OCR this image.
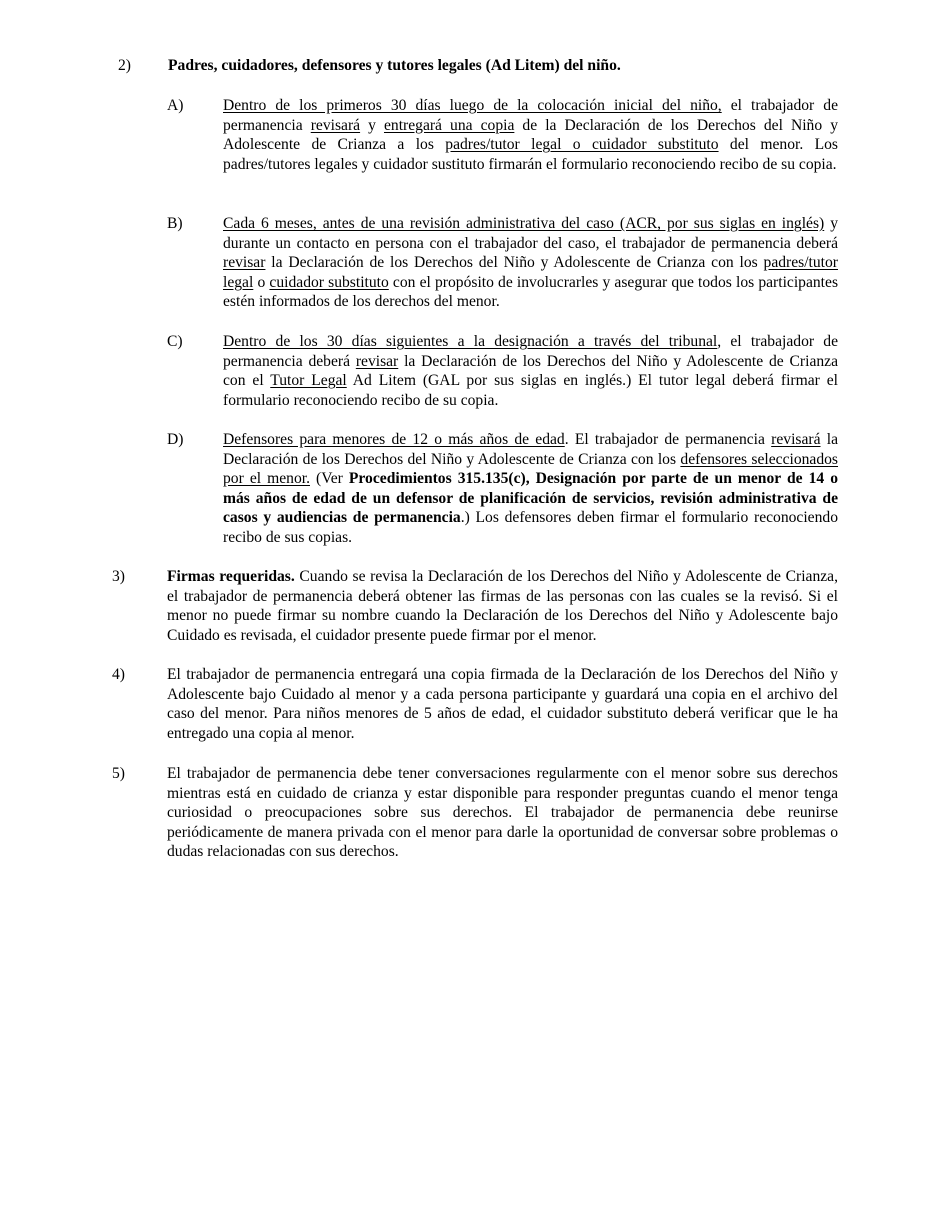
2) Padres, cuidadores, defensores y tutores legales (Ad Litem) del niño.
A)	Dentro de los primeros 30 días luego de la colocación inicial del niño, el trabajador de permanencia revisará y entregará una copia de la Declaración de los Derechos del Niño y Adolescente de Crianza a los padres/tutor legal o cuidador substituto del menor. Los padres/tutores legales y cuidador sustituto firmarán el formulario reconociendo recibo de su copia.
B)	Cada 6 meses, antes de una revisión administrativa del caso (ACR, por sus siglas en inglés) y durante un contacto en persona con el trabajador del caso, el trabajador de permanencia deberá revisar la Declaración de los Derechos del Niño y Adolescente de Crianza con los padres/tutor legal o cuidador substituto con el propósito de involucrarles y asegurar que todos los participantes estén informados de los derechos del menor.
C)	Dentro de los 30 días siguientes a la designación a través del tribunal, el trabajador de permanencia deberá revisar la Declaración de los Derechos del Niño y Adolescente de Crianza con el Tutor Legal Ad Litem (GAL por sus siglas en inglés.) El tutor legal deberá firmar el formulario reconociendo recibo de su copia.
D)	Defensores para menores de 12 o más años de edad. El trabajador de permanencia revisará la Declaración de los Derechos del Niño y Adolescente de Crianza con los defensores seleccionados por el menor. (Ver Procedimientos 315.135(c), Designación por parte de un menor de 14 o más años de edad de un defensor de planificación de servicios, revisión administrativa de casos y audiencias de permanencia.) Los defensores deben firmar el formulario reconociendo recibo de sus copias.
3)	Firmas requeridas. Cuando se revisa la Declaración de los Derechos del Niño y Adolescente de Crianza, el trabajador de permanencia deberá obtener las firmas de las personas con las cuales se la revisó. Si el menor no puede firmar su nombre cuando la Declaración de los Derechos del Niño y Adolescente bajo Cuidado es revisada, el cuidador presente puede firmar por el menor.
4)	El trabajador de permanencia entregará una copia firmada de la Declaración de los Derechos del Niño y Adolescente bajo Cuidado al menor y a cada persona participante y guardará una copia en el archivo del caso del menor. Para niños menores de 5 años de edad, el cuidador substituto deberá verificar que le ha entregado una copia al menor.
5)	El trabajador de permanencia debe tener conversaciones regularmente con el menor sobre sus derechos mientras está en cuidado de crianza y estar disponible para responder preguntas cuando el menor tenga curiosidad o preocupaciones sobre sus derechos. El trabajador de permanencia debe reunirse periódicamente de manera privada con el menor para darle la oportunidad de conversar sobre problemas o dudas relacionadas con sus derechos.
